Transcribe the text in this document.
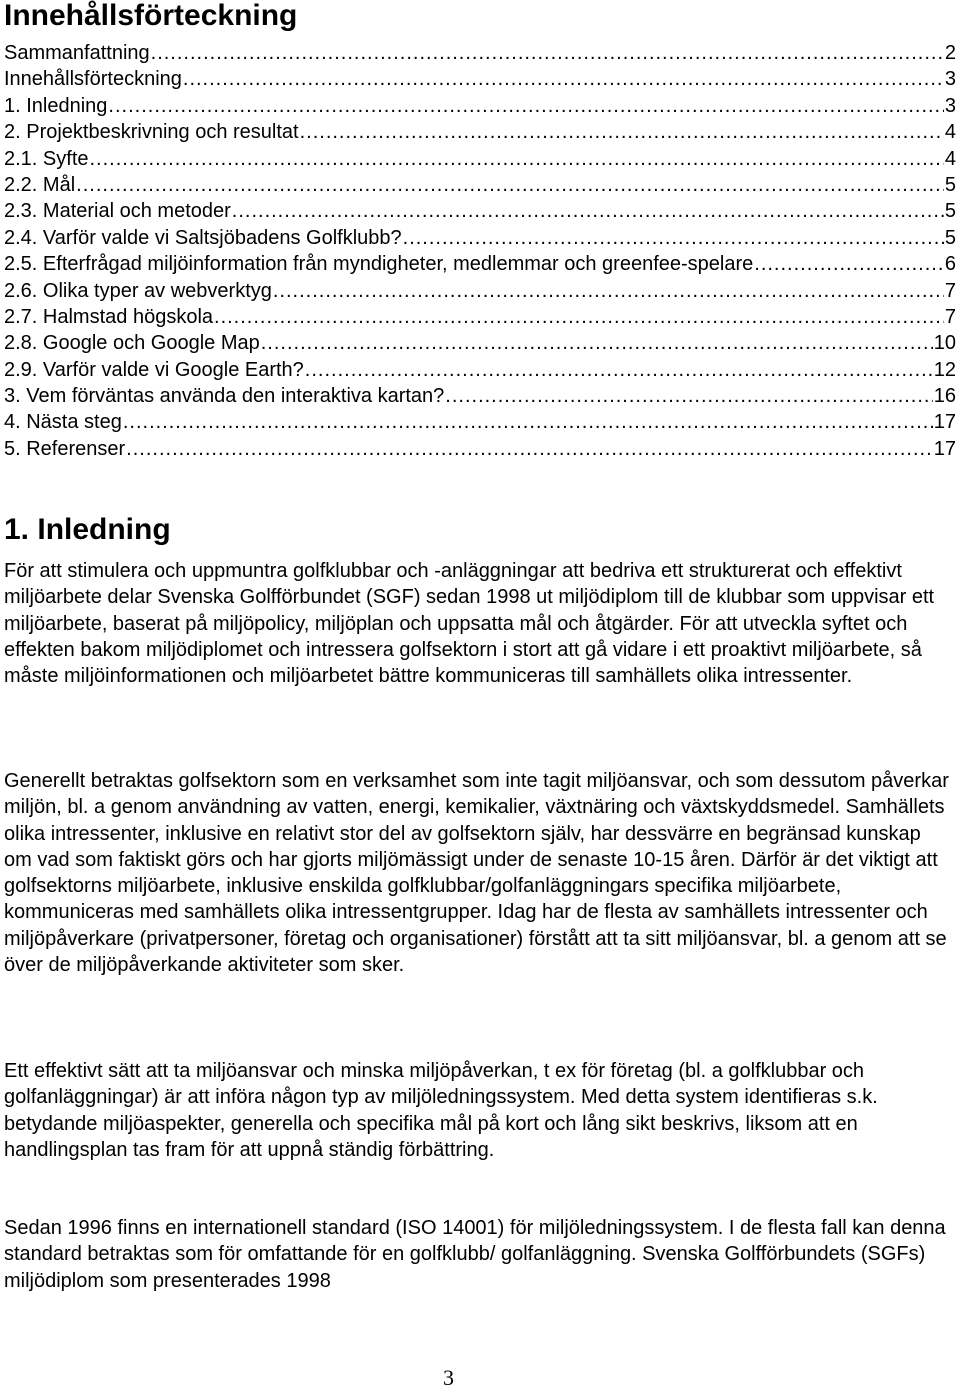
Innehållsförteckning
Sammanfattning .....	2
Innehållsförteckning .....	3
1. Inledning .....	3
2. Projektbeskrivning och resultat .....	4
2.1. Syfte .....	4
2.2. Mål .....	5
2.3. Material och metoder .....	5
2.4. Varför valde vi Saltsjöbadens Golfklubb? .....	5
2.5. Efterfrågad miljöinformation från myndigheter, medlemmar och greenfee-spelare .....	6
2.6. Olika typer av webverktyg .....	7
2.7. Halmstad högskola .....	7
2.8. Google och Google Map .....	10
2.9. Varför valde vi Google Earth? .....	12
3. Vem förväntas använda den interaktiva kartan? .....	16
4. Nästa steg .....	17
5. Referenser .....	17
1. Inledning

För att stimulera och uppmuntra golfklubbar och -anläggningar att bedriva ett strukturerat och effektivt miljöarbete delar Svenska Golfförbundet (SGF) sedan 1998 ut miljödiplom till de klubbar som uppvisar ett miljöarbete, baserat på miljöpolicy, miljöplan och uppsatta mål och åtgärder. För att utveckla syftet och effekten bakom miljödiplomet och intressera golfsektorn i stort att gå vidare i ett proaktivt miljöarbete, så måste miljöinformationen och miljöarbetet bättre kommuniceras till samhällets olika intressenter.

Generellt betraktas golfsektorn som en verksamhet som inte tagit miljöansvar, och som dessutom påverkar miljön, bl. a genom användning av vatten, energi, kemikalier, växtnäring och växtskyddsmedel. Samhällets olika intressenter, inklusive en relativt stor del av golfsektorn själv, har dessvärre en begränsad kunskap om vad som faktiskt görs och har gjorts miljömässigt under de senaste 10-15 åren. Därför är det viktigt att golfsektorns miljöarbete, inklusive enskilda golfklubbar/golfanläggningars specifika miljöarbete, kommuniceras med samhällets olika intressentgrupper. Idag har de flesta av samhällets intressenter och miljöpåverkare (privatpersoner, företag och organisationer) förstått att ta sitt miljöansvar, bl. a genom att se över de miljöpåverkande aktiviteter som sker.

Ett effektivt sätt att ta miljöansvar och minska miljöpåverkan, t ex för företag (bl. a golfklubbar och golfanläggningar) är att införa någon typ av miljöledningssystem. Med detta system identifieras s.k. betydande miljöaspekter, generella och specifika mål på kort och lång sikt beskrivs, liksom att en handlingsplan tas fram för att uppnå ständig förbättring.

Sedan 1996 finns en internationell standard (ISO 14001) för miljöledningssystem. I de flesta fall kan denna standard betraktas som för omfattande för en golfklubb/ golfanläggning. Svenska Golfförbundets (SGFs) miljödiplom som presenterades 1998

3
